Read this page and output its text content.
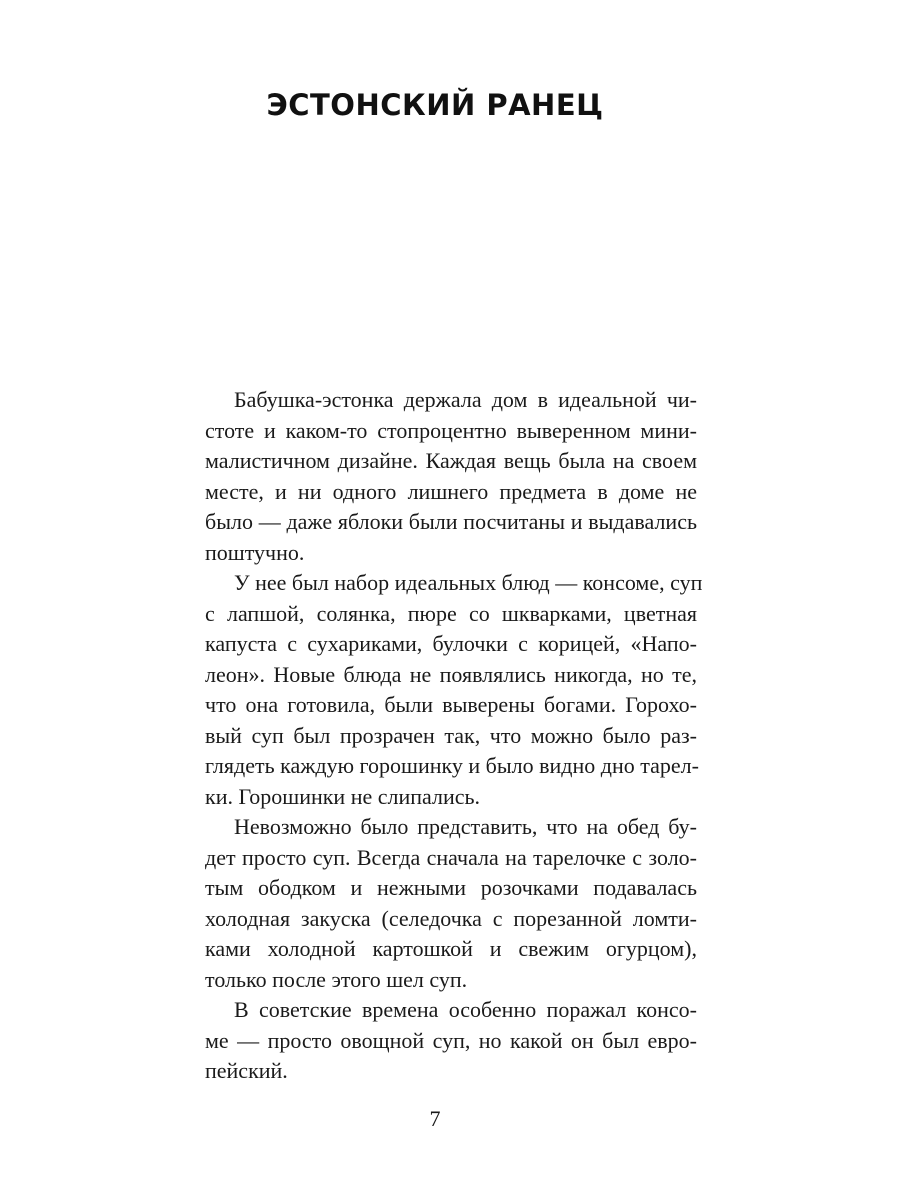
ЭСТОНСКИЙ РАНЕЦ

Бабушка-эстонка держала дом в идеальной чи-
стоте и каком-то стопроцентно выверенном мини-
малистичном дизайне. Каждая вещь была на своем
месте, и ни одного лишнего предмета в доме не
было — даже яблоки были посчитаны и выдавались
поштучно.

У нее был набор идеальных блюд — консоме, суп
с лапшой, солянка, пюре со шкварками, цветная
капуста с сухариками, булочки с корицей, «Напо-
леон». Новые блюда не появлялись никогда, но те,
что она готовила, были выверены богами. Горохо-
вый суп был прозрачен так, что можно было раз-
глядеть каждую горошинку и было видно дно тарел-
ки. Горошинки не слипались.

Невозможно было представить, что на обед бу-
дет просто суп. Всегда сначала на тарелочке с золо-
тым ободком и нежными розочками подавалась
холодная закуска (селедочка с порезанной ломти-
ками холодной картошкой и свежим огурцом),
только после этого шел суп.

В советские времена особенно поражал консо-
ме — просто овощной суп, но какой он был евро-
пейский.

7
